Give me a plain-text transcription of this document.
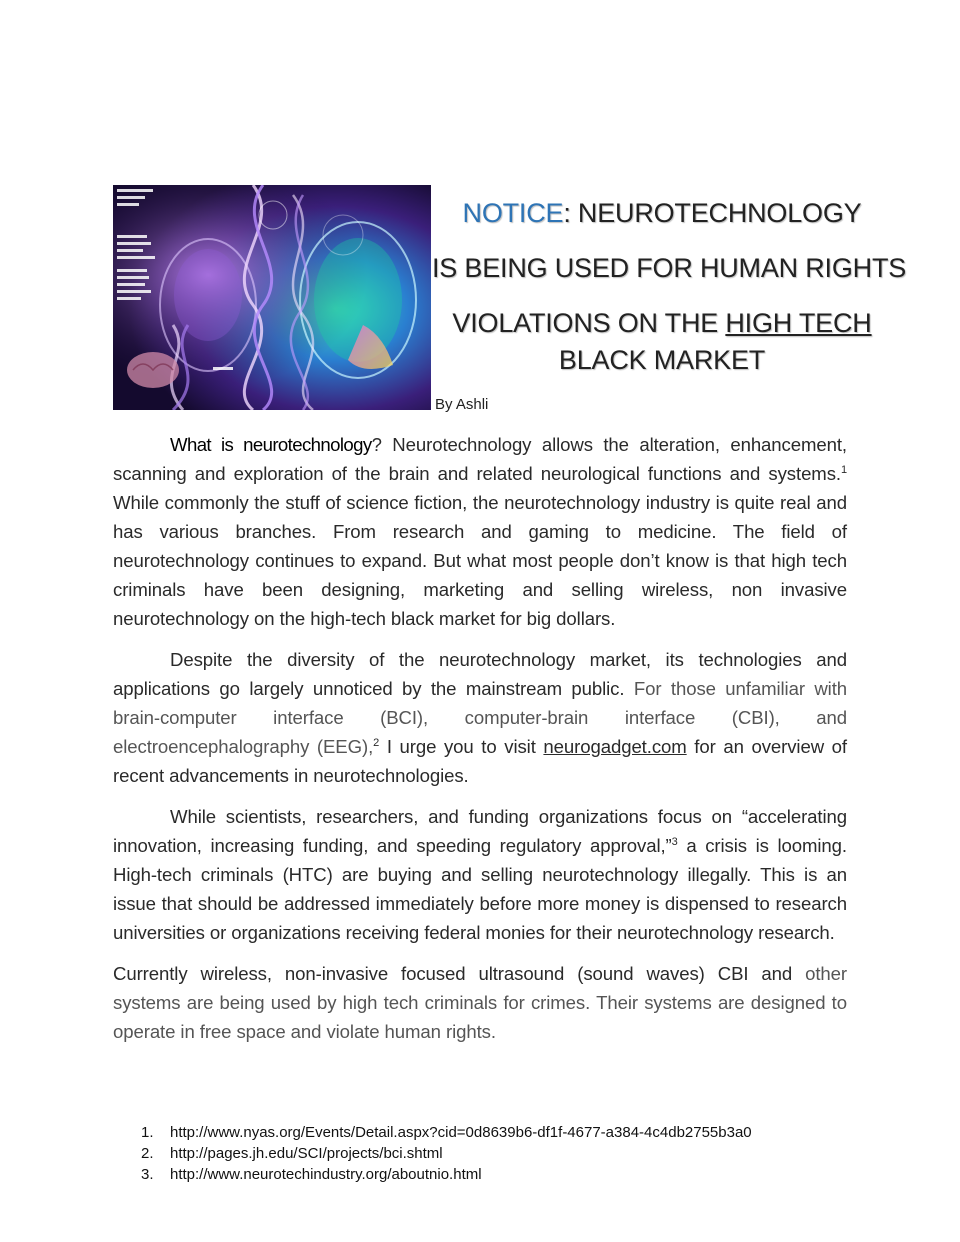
NOTICE: NEUROTECHNOLOGY
IS BEING USED FOR HUMAN RIGHTS
VIOLATIONS ON THE HIGH TECH
BLACK MARKET
By Ashli

What is neurotechnology? Neurotechnology allows the alteration, enhancement, scanning and exploration of the brain and related neurological functions and systems.$^1$ While commonly the stuff of science fiction, the neurotechnology industry is quite real and has various branches. From research and gaming to medicine. The field of neurotechnology continues to expand. But what most people don’t know is that high tech criminals have been designing, marketing and selling wireless, non invasive neurotechnology on the high-tech black market for big dollars.

Despite the diversity of the neurotechnology market, its technologies and applications go largely unnoticed by the mainstream public. For those unfamiliar with brain-computer interface (BCI), computer-brain interface (CBI), and electroencephalography (EEG),$^2$ I urge you to visit neurogadget.com for an overview of recent advancements in neurotechnologies.

While scientists, researchers, and funding organizations focus on “accelerating innovation, increasing funding, and speeding regulatory approval,”$^3$ a crisis is looming. High-tech criminals (HTC) are buying and selling neurotechnology illegally. This is an issue that should be addressed immediately before more money is dispensed to research universities or organizations receiving federal monies for their neurotechnology research.

Currently wireless, non-invasive focused ultrasound (sound waves) CBI and other systems are being used by high tech criminals for crimes. Their systems are designed to operate in free space and violate human rights.

1. http://www.nyas.org/Events/Detail.aspx?cid=0d8639b6-df1f-4677-a384-4c4db2755b3a0
2. http://pages.jh.edu/SCI/projects/bci.shtml
3. http://www.neurotechindustry.org/aboutnio.html
